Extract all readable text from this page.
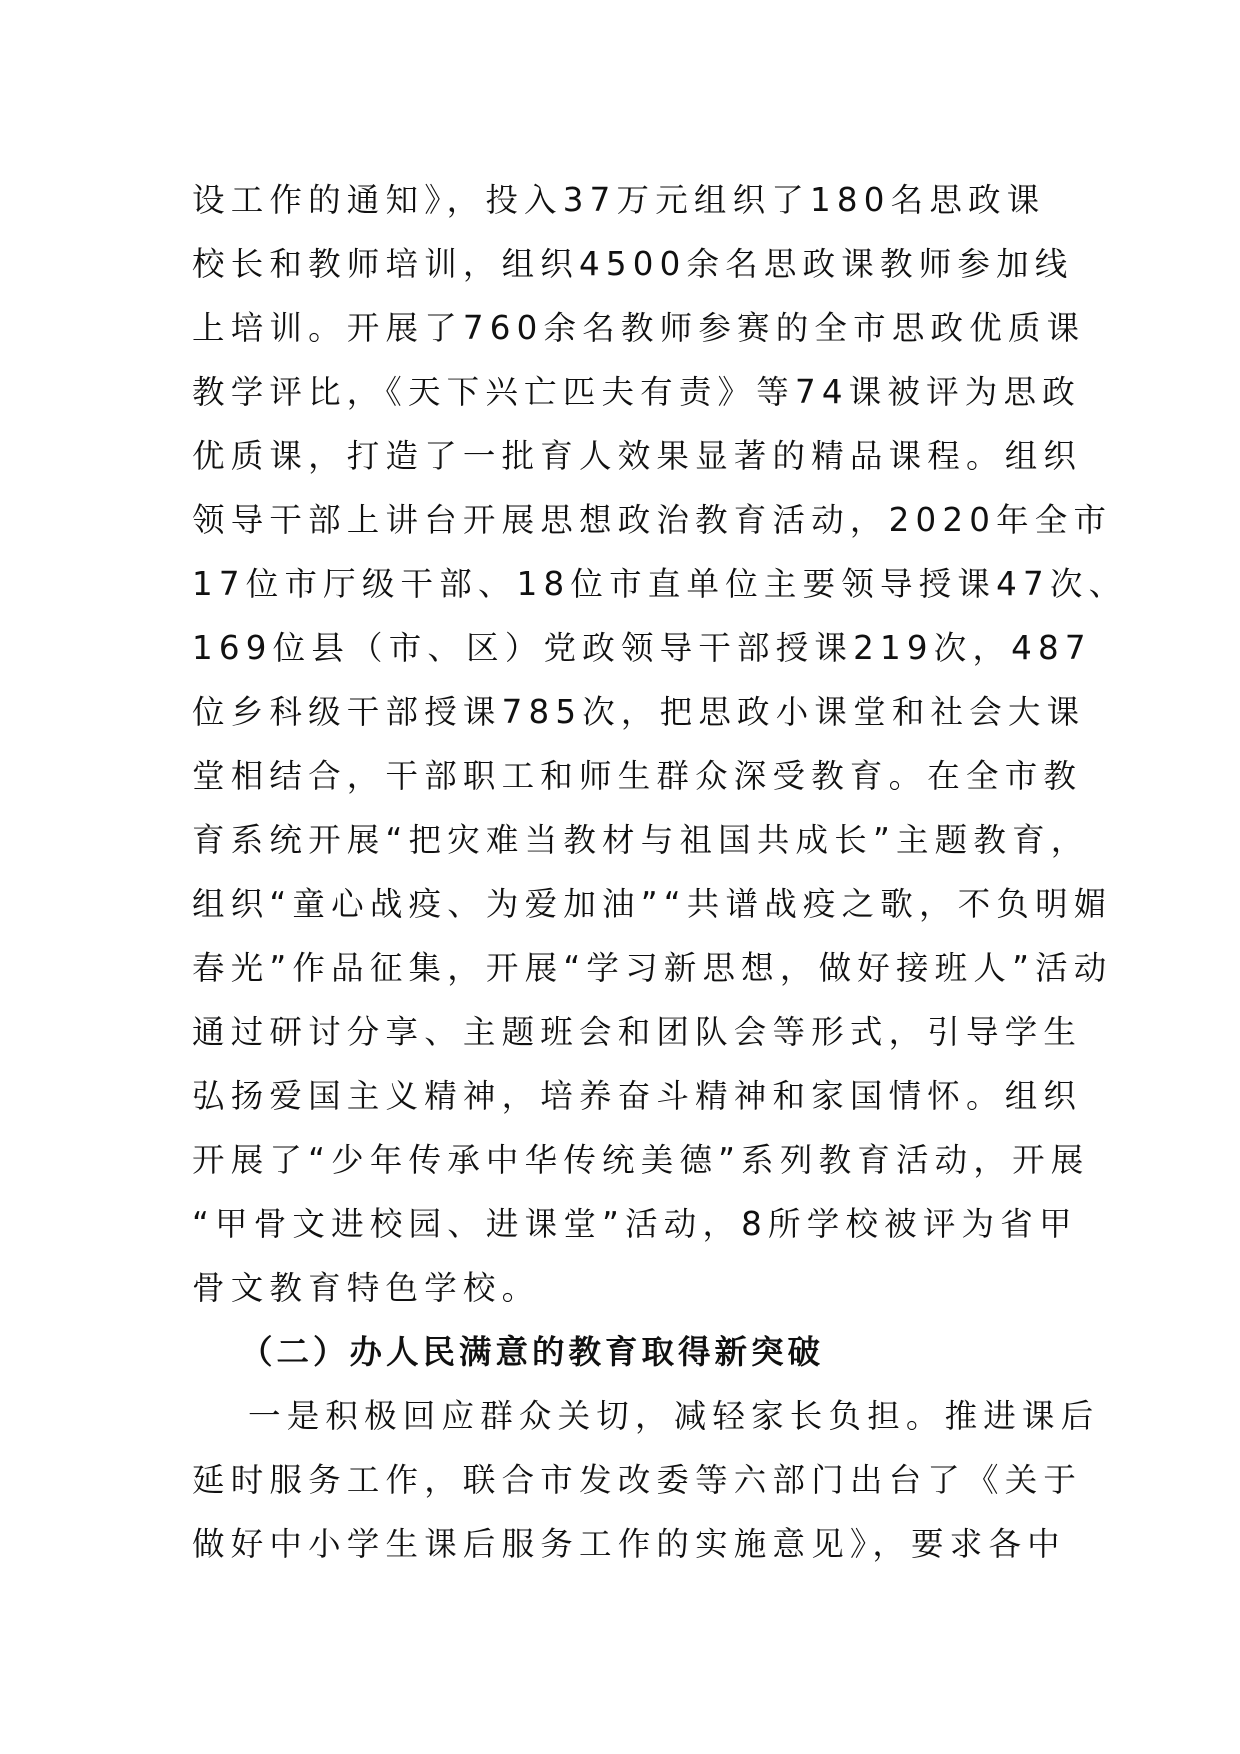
设工作的通知》，投入37万元组织了180名思政课
校长和教师培训，组织4500余名思政课教师参加线
上培训。开展了760余名教师参赛的全市思政优质课
教学评比，《天下兴亡匹夫有责》等74课被评为思政
优质课，打造了一批育人效果显著的精品课程。组织
领导干部上讲台开展思想政治教育活动，2020年全市
17位市厅级干部、18位市直单位主要领导授课47次、
169位县（市、区）党政领导干部授课219次，487
位乡科级干部授课785次，把思政小课堂和社会大课
堂相结合，干部职工和师生群众深受教育。在全市教
育系统开展“把灾难当教材与祖国共成长”主题教育，
组织“童心战疫、为爱加油”“共谱战疫之歌，不负明媚
春光”作品征集，开展“学习新思想，做好接班人”活动
通过研讨分享、主题班会和团队会等形式，引导学生
弘扬爱国主义精神，培养奋斗精神和家国情怀。组织
开展了“少年传承中华传统美德”系列教育活动，开展
“甲骨文进校园、进课堂”活动，8所学校被评为省甲
骨文教育特色学校。
（二）办人民满意的教育取得新突破
一是积极回应群众关切，减轻家长负担。推进课后
延时服务工作，联合市发改委等六部门出台了《关于
做好中小学生课后服务工作的实施意见》，要求各中
